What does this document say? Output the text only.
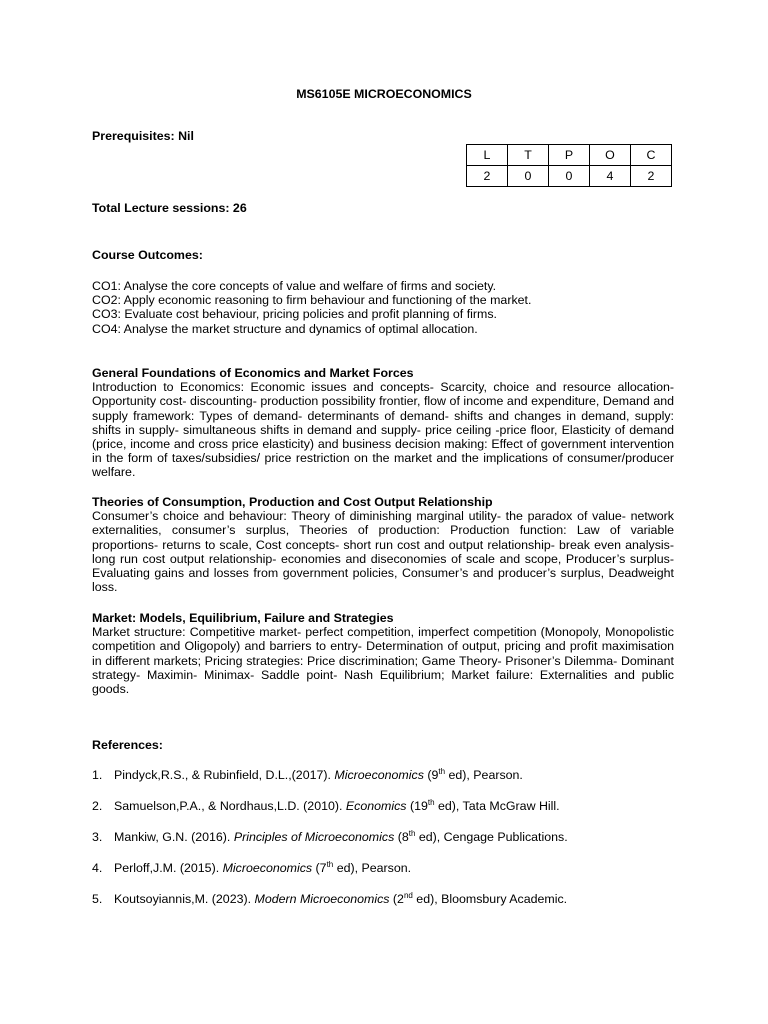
MS6105E MICROECONOMICS
Prerequisites: Nil
L	T	P	O	C
2	0	0	4	2
Total Lecture sessions: 26
Course Outcomes:
CO1: Analyse the core concepts of value and welfare of firms and society.
CO2: Apply economic reasoning to firm behaviour and functioning of the market.
CO3: Evaluate cost behaviour, pricing policies and profit planning of firms.
CO4: Analyse the market structure and dynamics of optimal allocation.
General Foundations of Economics and Market Forces

Introduction to Economics: Economic issues and concepts- Scarcity, choice and resource allocation- Opportunity cost- discounting- production possibility frontier, flow of income and expenditure, Demand and supply framework: Types of demand- determinants of demand- shifts and changes in demand, supply: shifts in supply- simultaneous shifts in demand and supply- price ceiling -price floor, Elasticity of demand (price, income and cross price elasticity) and business decision making: Effect of government intervention in the form of taxes/subsidies/ price restriction on the market and the implications of consumer/producer welfare.

Theories of Consumption, Production and Cost Output Relationship

Consumer’s choice and behaviour: Theory of diminishing marginal utility- the paradox of value- network externalities, consumer’s surplus, Theories of production: Production function: Law of variable proportions- returns to scale, Cost concepts- short run cost and output relationship- break even analysis- long run cost output relationship- economies and diseconomies of scale and scope, Producer’s surplus- Evaluating gains and losses from government policies, Consumer’s and producer’s surplus, Deadweight loss.

Market: Models, Equilibrium, Failure and Strategies

Market structure: Competitive market- perfect competition, imperfect competition (Monopoly, Monopolistic competition and Oligopoly) and barriers to entry- Determination of output, pricing and profit maximisation in different markets; Pricing strategies: Price discrimination; Game Theory- Prisoner’s Dilemma- Dominant strategy- Maximin- Minimax- Saddle point- Nash Equilibrium; Market failure: Externalities and public goods.

References:
1. Pindyck,R.S., & Rubinfield, D.L.,(2017). Microeconomics (9th ed), Pearson.
2. Samuelson,P.A., & Nordhaus,L.D. (2010). Economics (19th ed), Tata McGraw Hill.
3. Mankiw, G.N. (2016). Principles of Microeconomics (8th ed), Cengage Publications.
4. Perloff,J.M. (2015). Microeconomics (7th ed), Pearson.
5. Koutsoyiannis,M. (2023). Modern Microeconomics (2nd ed), Bloomsbury Academic.
